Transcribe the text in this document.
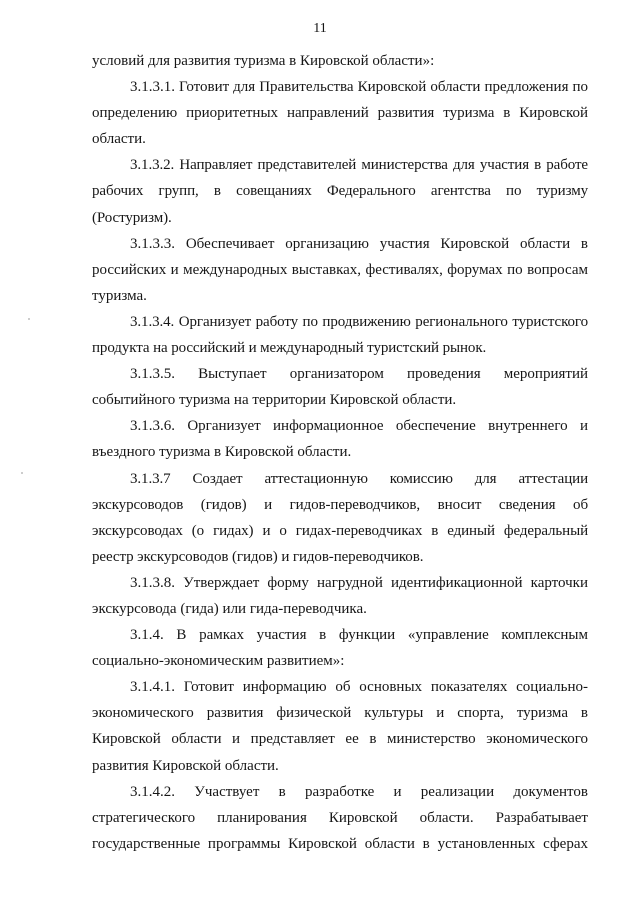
11

условий для развития туризма в Кировской области»:

3.1.3.1. Готовит для Правительства Кировской области предложения по определению приоритетных направлений развития туризма в Кировской области.

3.1.3.2. Направляет представителей министерства для участия в работе рабочих групп, в совещаниях Федерального агентства по туризму (Ростуризм).

3.1.3.3. Обеспечивает организацию участия Кировской области в российских и международных выставках, фестивалях, форумах по вопросам туризма.

3.1.3.4. Организует работу по продвижению регионального туристского продукта на российский и международный туристский рынок.

3.1.3.5. Выступает организатором проведения мероприятий событийного туризма на территории Кировской области.

3.1.3.6. Организует информационное обеспечение внутреннего и въездного туризма в Кировской области.

3.1.3.7 Создает аттестационную комиссию для аттестации экскурсоводов (гидов) и гидов-переводчиков, вносит сведения об экскурсоводах (о гидах) и о гидах-переводчиках в единый федеральный реестр экскурсоводов (гидов) и гидов-переводчиков.

3.1.3.8. Утверждает форму нагрудной идентификационной карточки экскурсовода (гида) или гида-переводчика.

3.1.4. В рамках участия в функции «управление комплексным социально-экономическим развитием»:

3.1.4.1. Готовит информацию об основных показателях социально-экономического развития физической культуры и спорта, туризма в Кировской области и представляет ее в министерство экономического развития Кировской области.

3.1.4.2. Участвует в разработке и реализации документов стратегического планирования Кировской области. Разрабатывает государственные программы Кировской области в установленных сферах
